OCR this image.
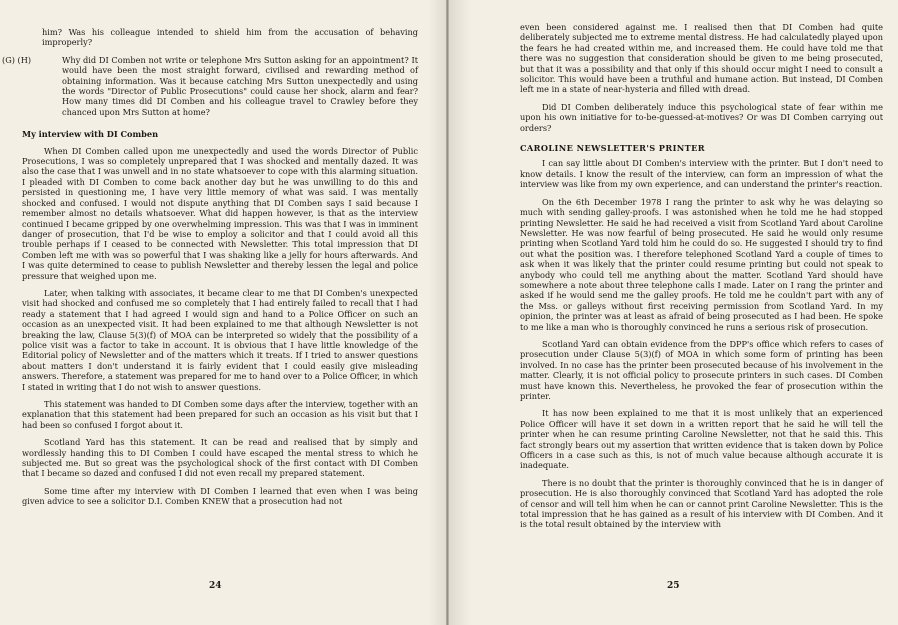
him? Was his colleague intended to shield him from the accusation of behaving improperly?

(G) (H)	Why did DI Comben not write or telephone Mrs Sutton asking for an appointment? It would have been the most straight forward, civilised and rewarding method of obtaining information. Was it because catching Mrs Sutton unexpectedly and using the words "Director of Public Prosecutions" could cause her shock, alarm and fear? How many times did DI Comben and his colleague travel to Crawley before they chanced upon Mrs Sutton at home?
My interview with DI Comben

When DI Comben called upon me unexpectedly and used the words Director of Public Prosecutions, I was so completely unprepared that I was shocked and mentally dazed. It was also the case that I was unwell and in no state whatsoever to cope with this alarming situation. I pleaded with DI Comben to come back another day but he was unwilling to do this and persisted in questioning me, I have very little memory of what was said. I was mentally shocked and confused. I would not dispute anything that DI Comben says I said because I remember almost no details whatsoever. What did happen however, is that as the interview continued I became gripped by one overwhelming impression. This was that I was in imminent danger of prosecution, that I'd be wise to employ a solicitor and that I could avoid all this trouble perhaps if I ceased to be connected with Newsletter. This total impression that DI Comben left me with was so powerful that I was shaking like a jelly for hours afterwards. And I was quite determined to cease to publish Newsletter and thereby lessen the legal and police pressure that weighed upon me.

Later, when talking with associates, it became clear to me that DI Comben's unexpected visit had shocked and confused me so completely that I had entirely failed to recall that I had ready a statement that I had agreed I would sign and hand to a Police Officer on such an occasion as an unexpected visit. It had been explained to me that although Newsletter is not breaking the law, Clause 5(3)(f) of MOA can be interpreted so widely that the possibility of a police visit was a factor to take in account. It is obvious that I have little knowledge of the Editorial policy of Newsletter and of the matters which it treats. If I tried to answer questions about matters I don't understand it is fairly evident that I could easily give misleading answers. Therefore, a statement was prepared for me to hand over to a Police Officer, in which I stated in writing that I do not wish to answer questions.

This statement was handed to DI Comben some days after the interview, together with an explanation that this statement had been prepared for such an occasion as his visit but that I had been so confused I forgot about it.

Scotland Yard has this statement. It can be read and realised that by simply and wordlessly handing this to DI Comben I could have escaped the mental stress to which he subjected me. But so great was the psychological shock of the first contact with DI Comben that I became so dazed and confused I did not even recall my prepared statement.

Some time after my interview with DI Comben I learned that even when I was being given advice to see a solicitor D.I. Comben KNEW that a prosecution had not

24

even been considered against me. I realised then that DI Comben had quite deliberately subjected me to extreme mental distress. He had calculatedly played upon the fears he had created within me, and increased them. He could have told me that there was no suggestion that consideration should be given to me being prosecuted, but that it was a possibility and that only if this should occur might I need to consult a solicitor. This would have been a truthful and humane action. But instead, DI Comben left me in a state of near-hysteria and filled with dread.

Did DI Comben deliberately induce this psychological state of fear within me upon his own initiative for to-be-guessed-at-motives? Or was DI Comben carrying out orders?

CAROLINE NEWSLETTER'S PRINTER

I can say little about DI Comben's interview with the printer. But I don't need to know details. I know the result of the interview, can form an impression of what the interview was like from my own experience, and can understand the printer's reaction.

On the 6th December 1978 I rang the printer to ask why he was delaying so much with sending galley-proofs. I was astonished when he told me he had stopped printing Newsletter. He said he had received a visit from Scotland Yard about Caroline Newsletter. He was now fearful of being prosecuted. He said he would only resume printing when Scotland Yard told him he could do so. He suggested I should try to find out what the position was. I therefore telephoned Scotland Yard a couple of times to ask when it was likely that the printer could resume printing but could not speak to anybody who could tell me anything about the matter. Scotland Yard should have somewhere a note about three telephone calls I made. Later on I rang the printer and asked if he would send me the galley proofs. He told me he couldn't part with any of the Mss. or galleys without first receiving permission from Scotland Yard. In my opinion, the printer was at least as afraid of being prosecuted as I had been. He spoke to me like a man who is thoroughly convinced he runs a serious risk of prosecution.

Scotland Yard can obtain evidence from the DPP's office which refers to cases of prosecution under Clause 5(3)(f) of MOA in which some form of printing has been involved. In no case has the printer been prosecuted because of his involvement in the matter. Clearly, it is not official policy to prosecute printers in such cases. DI Comben must have known this. Nevertheless, he provoked the fear of prosecution within the printer.

It has now been explained to me that it is most unlikely that an experienced Police Officer will have it set down in a written report that he said he will tell the printer when he can resume printing Caroline Newsletter, not that he said this. This fact strongly bears out my assertion that written evidence that is taken down by Police Officers in a case such as this, is not of much value because although accurate it is inadequate.

There is no doubt that the printer is thoroughly convinced that he is in danger of prosecution. He is also thoroughly convinced that Scotland Yard has adopted the role of censor and will tell him when he can or cannot print Caroline Newsletter. This is the total impression that he has gained as a result of his interview with DI Comben. And it is the total result obtained by the interview with

25
